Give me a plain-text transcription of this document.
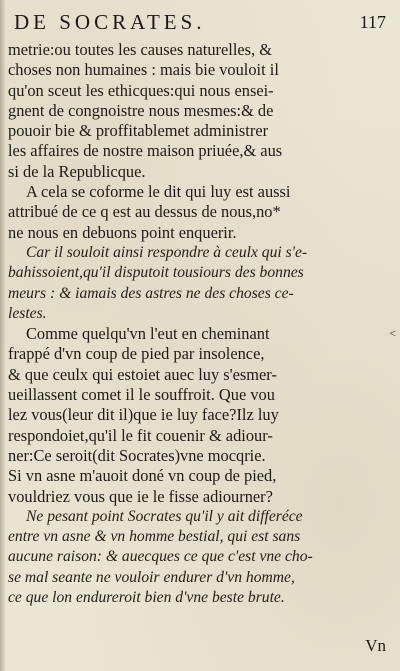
DE SOCRATES.	117
metrie:ou toutes les causes naturelles, &
choses non humaines : mais bie vouloit il
qu'on sceut les ethicques:qui nous ensei-
gnent de congnoistre nous mesmes:& de
pouoir bie & proffitablemet administrer
les affaires de nostre maison priuée,& aus
si de la Republicque.
A cela se coforme le dit qui luy est aussi
attribué de ce q est au dessus de nous,no*
ne nous en debuons point enquerir.
Car il souloit ainsi respondre à ceulx qui s'e-
bahissoient,qu'il disputoit tousiours des bonnes
meurs : & iamais des astres ne des choses ce-
lestes.
Comme quelqu'vn l'eut en cheminant
frappé d'vn coup de pied par insolence,
& que ceulx qui estoiet auec luy s'esmer-
ueillassent comet il le souffroit. Que vou
lez vous(leur dit il)que ie luy face?Ilz luy
respondoiet,qu'il le fit couenir & adiour-
ner:Ce seroit(dit Socrates)vne mocqrie.
Si vn asne m'auoit doné vn coup de pied,
vouldriez vous que ie le fisse adiourner?
Ne pesant point Socrates qu'il y ait differéce
entre vn asne & vn homme bestial, qui est sans
aucune raison: & auecques ce que c'est vne cho-
se mal seante ne vouloir endurer d'vn homme,
ce que lon endureroit bien d'vne beste brute.
<
Vn
